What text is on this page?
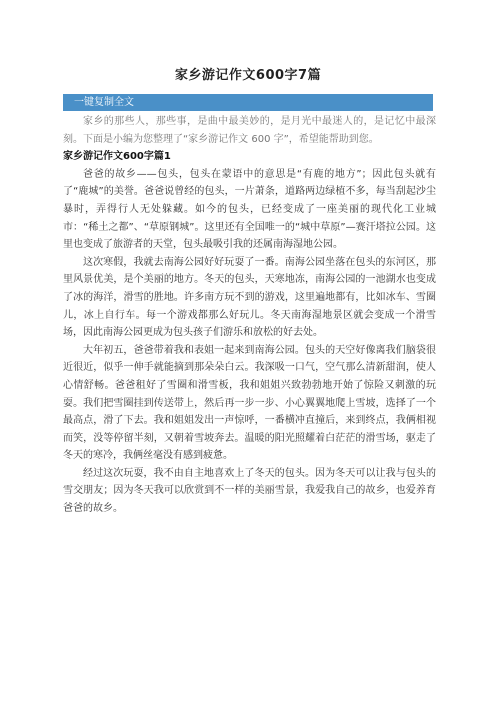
家乡游记作文600字7篇
一键复制全文

家乡的那些人，那些事，是曲中最美妙的，是月光中最迷人的，是记忆中最深刻。下面是小编为您整理了“家乡游记作文 600 字”，希望能帮助到您。

家乡游记作文600字篇1

爸爸的故乡——包头，包头在蒙语中的意思是“有鹿的地方”；因此包头就有了“鹿城”的美誉。爸爸说曾经的包头，一片萧条，道路两边绿植不多，每当刮起沙尘暴时，弄得行人无处躲藏。如今的包头，已经变成了一座美丽的现代化工业城市：“稀土之都”、“草原钢城”。这里还有全国唯一的“城中草原”—赛汗塔拉公园。这里也变成了旅游者的天堂，包头最吸引我的还属南海湿地公园。

这次寒假，我就去南海公园好好玩耍了一番。南海公园坐落在包头的东河区，那里风景优美，是个美丽的地方。冬天的包头，天寒地冻，南海公园的一池湖水也变成了冰的海洋，滑雪的胜地。许多南方玩不到的游戏，这里遍地都有，比如冰车、雪圈儿，冰上自行车。每一个游戏都那么好玩儿。冬天南海湿地景区就会变成一个滑雪场，因此南海公园更成为包头孩子们游乐和放松的好去处。

大年初五，爸爸带着我和表姐一起来到南海公园。包头的天空好像离我们脑袋很近很近，似乎一伸手就能摘到那朵朵白云。我深吸一口气，空气那么清新甜润，使人心情舒畅。爸爸租好了雪圈和滑雪板，我和姐姐兴致勃勃地开始了惊险又刺激的玩耍。我们把雪圈挂到传送带上，然后再一步一步、小心翼翼地爬上雪坡，选择了一个最高点，滑了下去。我和姐姐发出一声惊呼，一番横冲直撞后，来到终点，我俩相视而笑，没等停留半刻，又朝着雪坡奔去。温暖的阳光照耀着白茫茫的滑雪场，驱走了冬天的寒冷，我俩丝毫没有感到疲惫。

经过这次玩耍，我不由自主地喜欢上了冬天的包头。因为冬天可以让我与包头的雪交朋友；因为冬天我可以欣赏到不一样的美丽雪景，我爱我自己的故乡，也爱养育爸爸的故乡。
